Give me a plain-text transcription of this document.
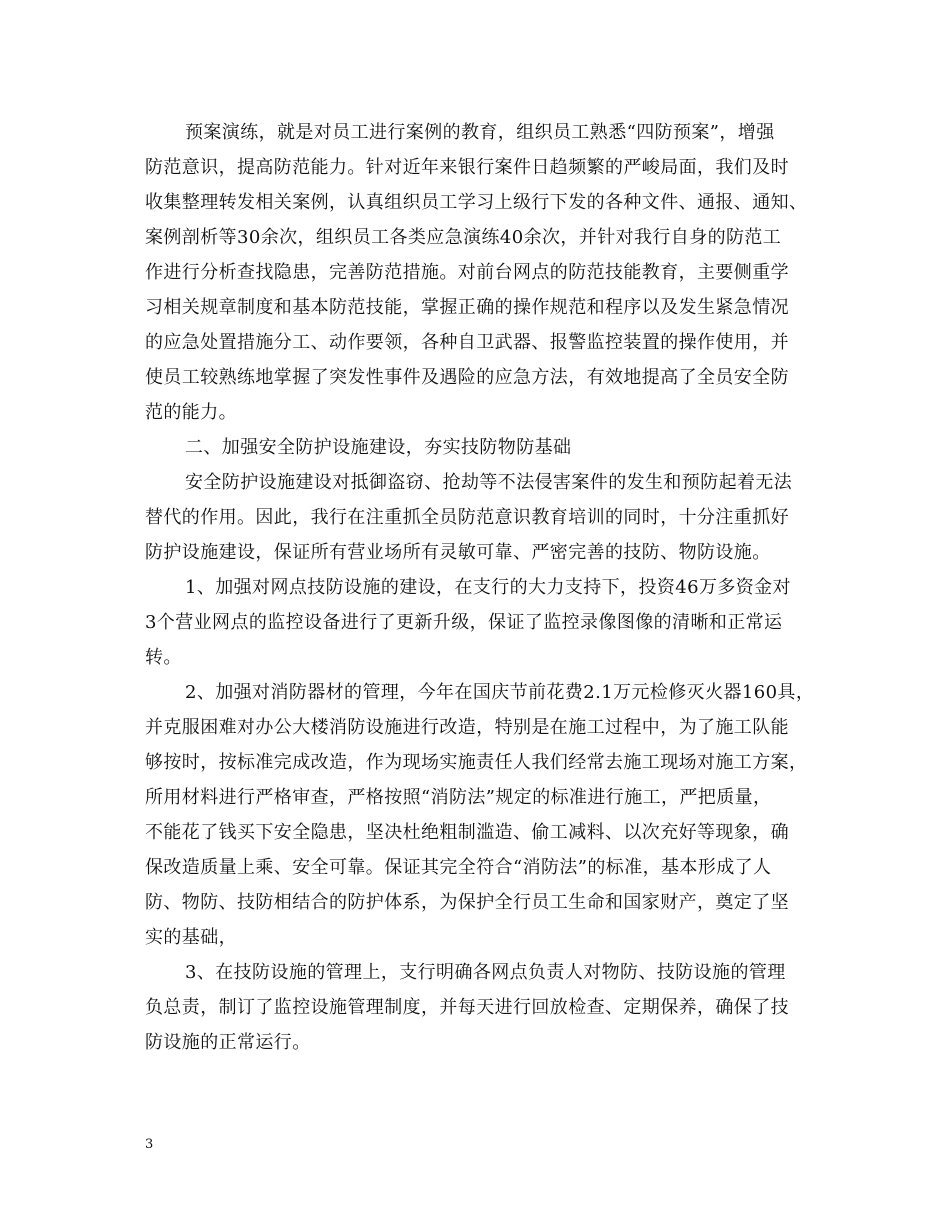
预案演练，就是对员工进行案例的教育，组织员工熟悉“四防预案”，增强
防范意识，提高防范能力。针对近年来银行案件日趋频繁的严峻局面，我们及时
收集整理转发相关案例，认真组织员工学习上级行下发的各种文件、通报、通知、
案例剖析等30余次，组织员工各类应急演练40余次，并针对我行自身的防范工
作进行分析查找隐患，完善防范措施。对前台网点的防范技能教育，主要侧重学
习相关规章制度和基本防范技能，掌握正确的操作规范和程序以及发生紧急情况
的应急处置措施分工、动作要领，各种自卫武器、报警监控装置的操作使用，并
使员工较熟练地掌握了突发性事件及遇险的应急方法，有效地提高了全员安全防
范的能力。
二、加强安全防护设施建设，夯实技防物防基础
安全防护设施建设对抵御盗窃、抢劫等不法侵害案件的发生和预防起着无法
替代的作用。因此，我行在注重抓全员防范意识教育培训的同时，十分注重抓好
防护设施建设，保证所有营业场所有灵敏可靠、严密完善的技防、物防设施。
1、加强对网点技防设施的建设，在支行的大力支持下，投资46万多资金对
3个营业网点的监控设备进行了更新升级，保证了监控录像图像的清晰和正常运
转。
2、加强对消防器材的管理，今年在国庆节前花费2.1万元检修灭火器160具，
并克服困难对办公大楼消防设施进行改造，特别是在施工过程中，为了施工队能
够按时，按标准完成改造，作为现场实施责任人我们经常去施工现场对施工方案，
所用材料进行严格审查，严格按照“消防法”规定的标准进行施工，严把质量，
不能花了钱买下安全隐患，坚决杜绝粗制滥造、偷工减料、以次充好等现象，确
保改造质量上乘、安全可靠。保证其完全符合“消防法”的标准，基本形成了人
防、物防、技防相结合的防护体系，为保护全行员工生命和国家财产，奠定了坚
实的基础，
3、在技防设施的管理上，支行明确各网点负责人对物防、技防设施的管理
负总责，制订了监控设施管理制度，并每天进行回放检查、定期保养，确保了技
防设施的正常运行。
3
